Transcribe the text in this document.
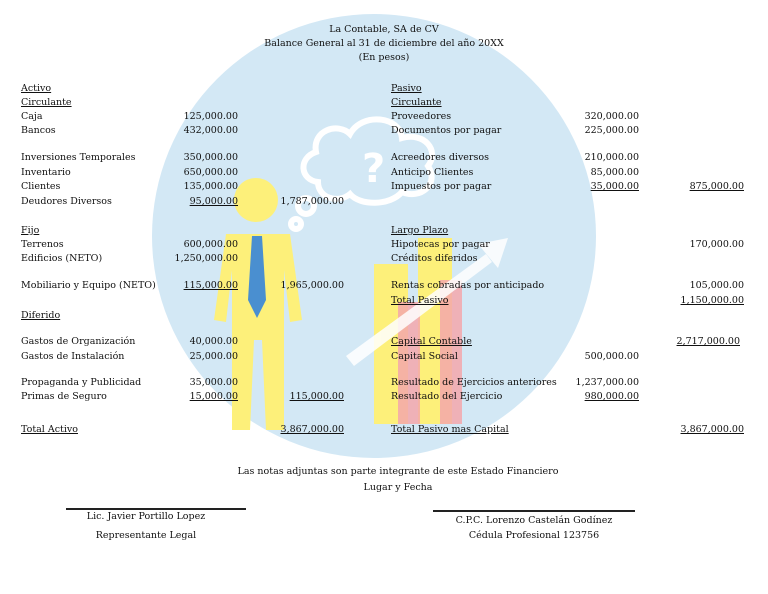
?
La Contable, SA de CV
Balance General al 31 de diciembre del año 20XX
(En pesos)
Activo
Circulante
Caja	125,000.00
Bancos	432,000.00
Inversiones Temporales	350,000.00
Inventario	650,000.00
Clientes	135,000.00
Deudores Diversos	95,000.00	1,787,000.00
Fijo
Terrenos	600,000.00
Edificios (NETO)	1,250,000.00
Mobiliario y Equipo (NETO)	115,000.00	1,965,000.00
Diferido
Gastos de Organización	40,000.00
Gastos de Instalación	25,000.00
Propaganda y Publicidad	35,000.00
Primas de Seguro	15,000.00	115,000.00
Total Activo	3,867,000.00
Pasivo
Circulante
Proveedores	320,000.00
Documentos por pagar	225,000.00
Acreedores diversos	210,000.00
Anticipo Clientes	85,000.00
Impuestos por pagar	35,000.00	875,000.00
Largo Plazo
Hipotecas por pagar	170,000.00
Créditos diferidos
Rentas cobradas por anticipado	105,000.00
Total Pasivo	1,150,000.00
Capital Contable	2,717,000.00
Capital Social	500,000.00
Resultado de Ejercicios anteriores	1,237,000.00
Resultado del Ejercicio	980,000.00
Total Pasivo mas Capital	3,867,000.00
Las notas adjuntas son parte integrante de este Estado Financiero
Lugar y Fecha
Lic. Javier Portillo Lopez
Representante Legal
C.P.C. Lorenzo Castelán Godínez
Cédula Profesional 123756
